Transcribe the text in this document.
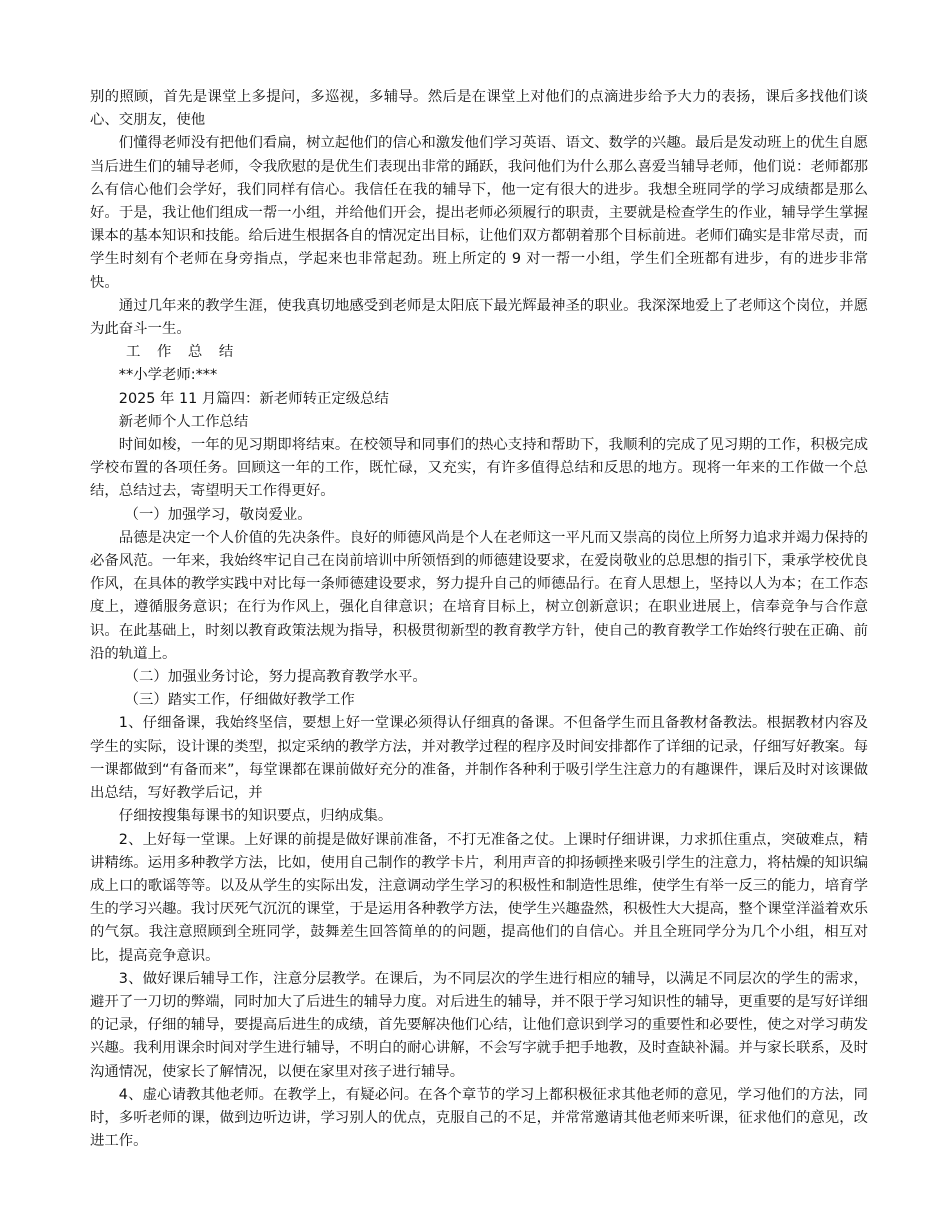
别的照顾，首先是课堂上多提问，多巡视，多辅导。然后是在课堂上对他们的点滴进步给予大力的表扬，课后多找他们谈心、交朋友，使他

们懂得老师没有把他们看扁，树立起他们的信心和激发他们学习英语、语文、数学的兴趣。最后是发动班上的优生自愿当后进生们的辅导老师，令我欣慰的是优生们表现出非常的踊跃，我问他们为什么那么喜爱当辅导老师，他们说：老师都那么有信心他们会学好，我们同样有信心。我信任在我的辅导下，他一定有很大的进步。我想全班同学的学习成绩都是那么好。于是，我让他们组成一帮一小组，并给他们开会，提出老师必须履行的职责，主要就是检查学生的作业，辅导学生掌握课本的基本知识和技能。给后进生根据各自的情况定出目标，让他们双方都朝着那个目标前进。老师们确实是非常尽责，而学生时刻有个老师在身旁指点，学起来也非常起劲。班上所定的 9 对一帮一小组，学生们全班都有进步，有的进步非常快。

通过几年来的教学生涯，使我真切地感受到老师是太阳底下最光辉最神圣的职业。我深深地爱上了老师这个岗位，并愿为此奋斗一生。

工作总结

**小学老师:***

2025 年 11 月篇四：新老师转正定级总结

新老师个人工作总结

时间如梭，一年的见习期即将结束。在校领导和同事们的热心支持和帮助下，我顺利的完成了见习期的工作，积极完成学校布置的各项任务。回顾这一年的工作，既忙碌，又充实，有许多值得总结和反思的地方。现将一年来的工作做一个总结，总结过去，寄望明天工作得更好。

（一）加强学习，敬岗爱业。

品德是决定一个人价值的先决条件。良好的师德风尚是个人在老师这一平凡而又崇高的岗位上所努力追求并竭力保持的必备风范。一年来，我始终牢记自己在岗前培训中所领悟到的师德建设要求，在爱岗敬业的总思想的指引下，秉承学校优良作风，在具体的教学实践中对比每一条师德建设要求，努力提升自己的师德品行。在育人思想上，坚持以人为本；在工作态度上，遵循服务意识；在行为作风上，强化自律意识；在培育目标上，树立创新意识；在职业进展上，信奉竞争与合作意识。在此基础上，时刻以教育政策法规为指导，积极贯彻新型的教育教学方针，使自己的教育教学工作始终行驶在正确、前沿的轨道上。

（二）加强业务讨论，努力提高教育教学水平。

（三）踏实工作，仔细做好教学工作

1、仔细备课，我始终坚信，要想上好一堂课必须得认仔细真的备课。不但备学生而且备教材备教法。根据教材内容及学生的实际，设计课的类型，拟定采纳的教学方法，并对教学过程的程序及时间安排都作了详细的记录，仔细写好教案。每一课都做到“有备而来”，每堂课都在课前做好充分的准备，并制作各种利于吸引学生注意力的有趣课件，课后及时对该课做出总结，写好教学后记，并

仔细按搜集每课书的知识要点，归纳成集。

2、上好每一堂课。上好课的前提是做好课前准备，不打无准备之仗。上课时仔细讲课，力求抓住重点，突破难点，精讲精练。运用多种教学方法，比如，使用自己制作的教学卡片，利用声音的抑扬顿挫来吸引学生的注意力，将枯燥的知识编成上口的歌谣等等。以及从学生的实际出发，注意调动学生学习的积极性和制造性思维，使学生有举一反三的能力，培育学生的学习兴趣。我讨厌死气沉沉的课堂，于是运用各种教学方法，使学生兴趣盎然，积极性大大提高，整个课堂洋溢着欢乐的气氛。我注意照顾到全班同学，鼓舞差生回答简单的的问题，提高他们的自信心。并且全班同学分为几个小组，相互对比，提高竞争意识。

3、做好课后辅导工作，注意分层教学。在课后，为不同层次的学生进行相应的辅导，以满足不同层次的学生的需求，避开了一刀切的弊端，同时加大了后进生的辅导力度。对后进生的辅导，并不限于学习知识性的辅导，更重要的是写好详细的记录，仔细的辅导，要提高后进生的成绩，首先要解决他们心结，让他们意识到学习的重要性和必要性，使之对学习萌发兴趣。我利用课余时间对学生进行辅导，不明白的耐心讲解，不会写字就手把手地教，及时查缺补漏。并与家长联系，及时沟通情况，使家长了解情况，以便在家里对孩子进行辅导。

4、虚心请教其他老师。在教学上，有疑必问。在各个章节的学习上都积极征求其他老师的意见，学习他们的方法，同时，多听老师的课，做到边听边讲，学习别人的优点，克服自己的不足，并常常邀请其他老师来听课，征求他们的意见，改进工作。
